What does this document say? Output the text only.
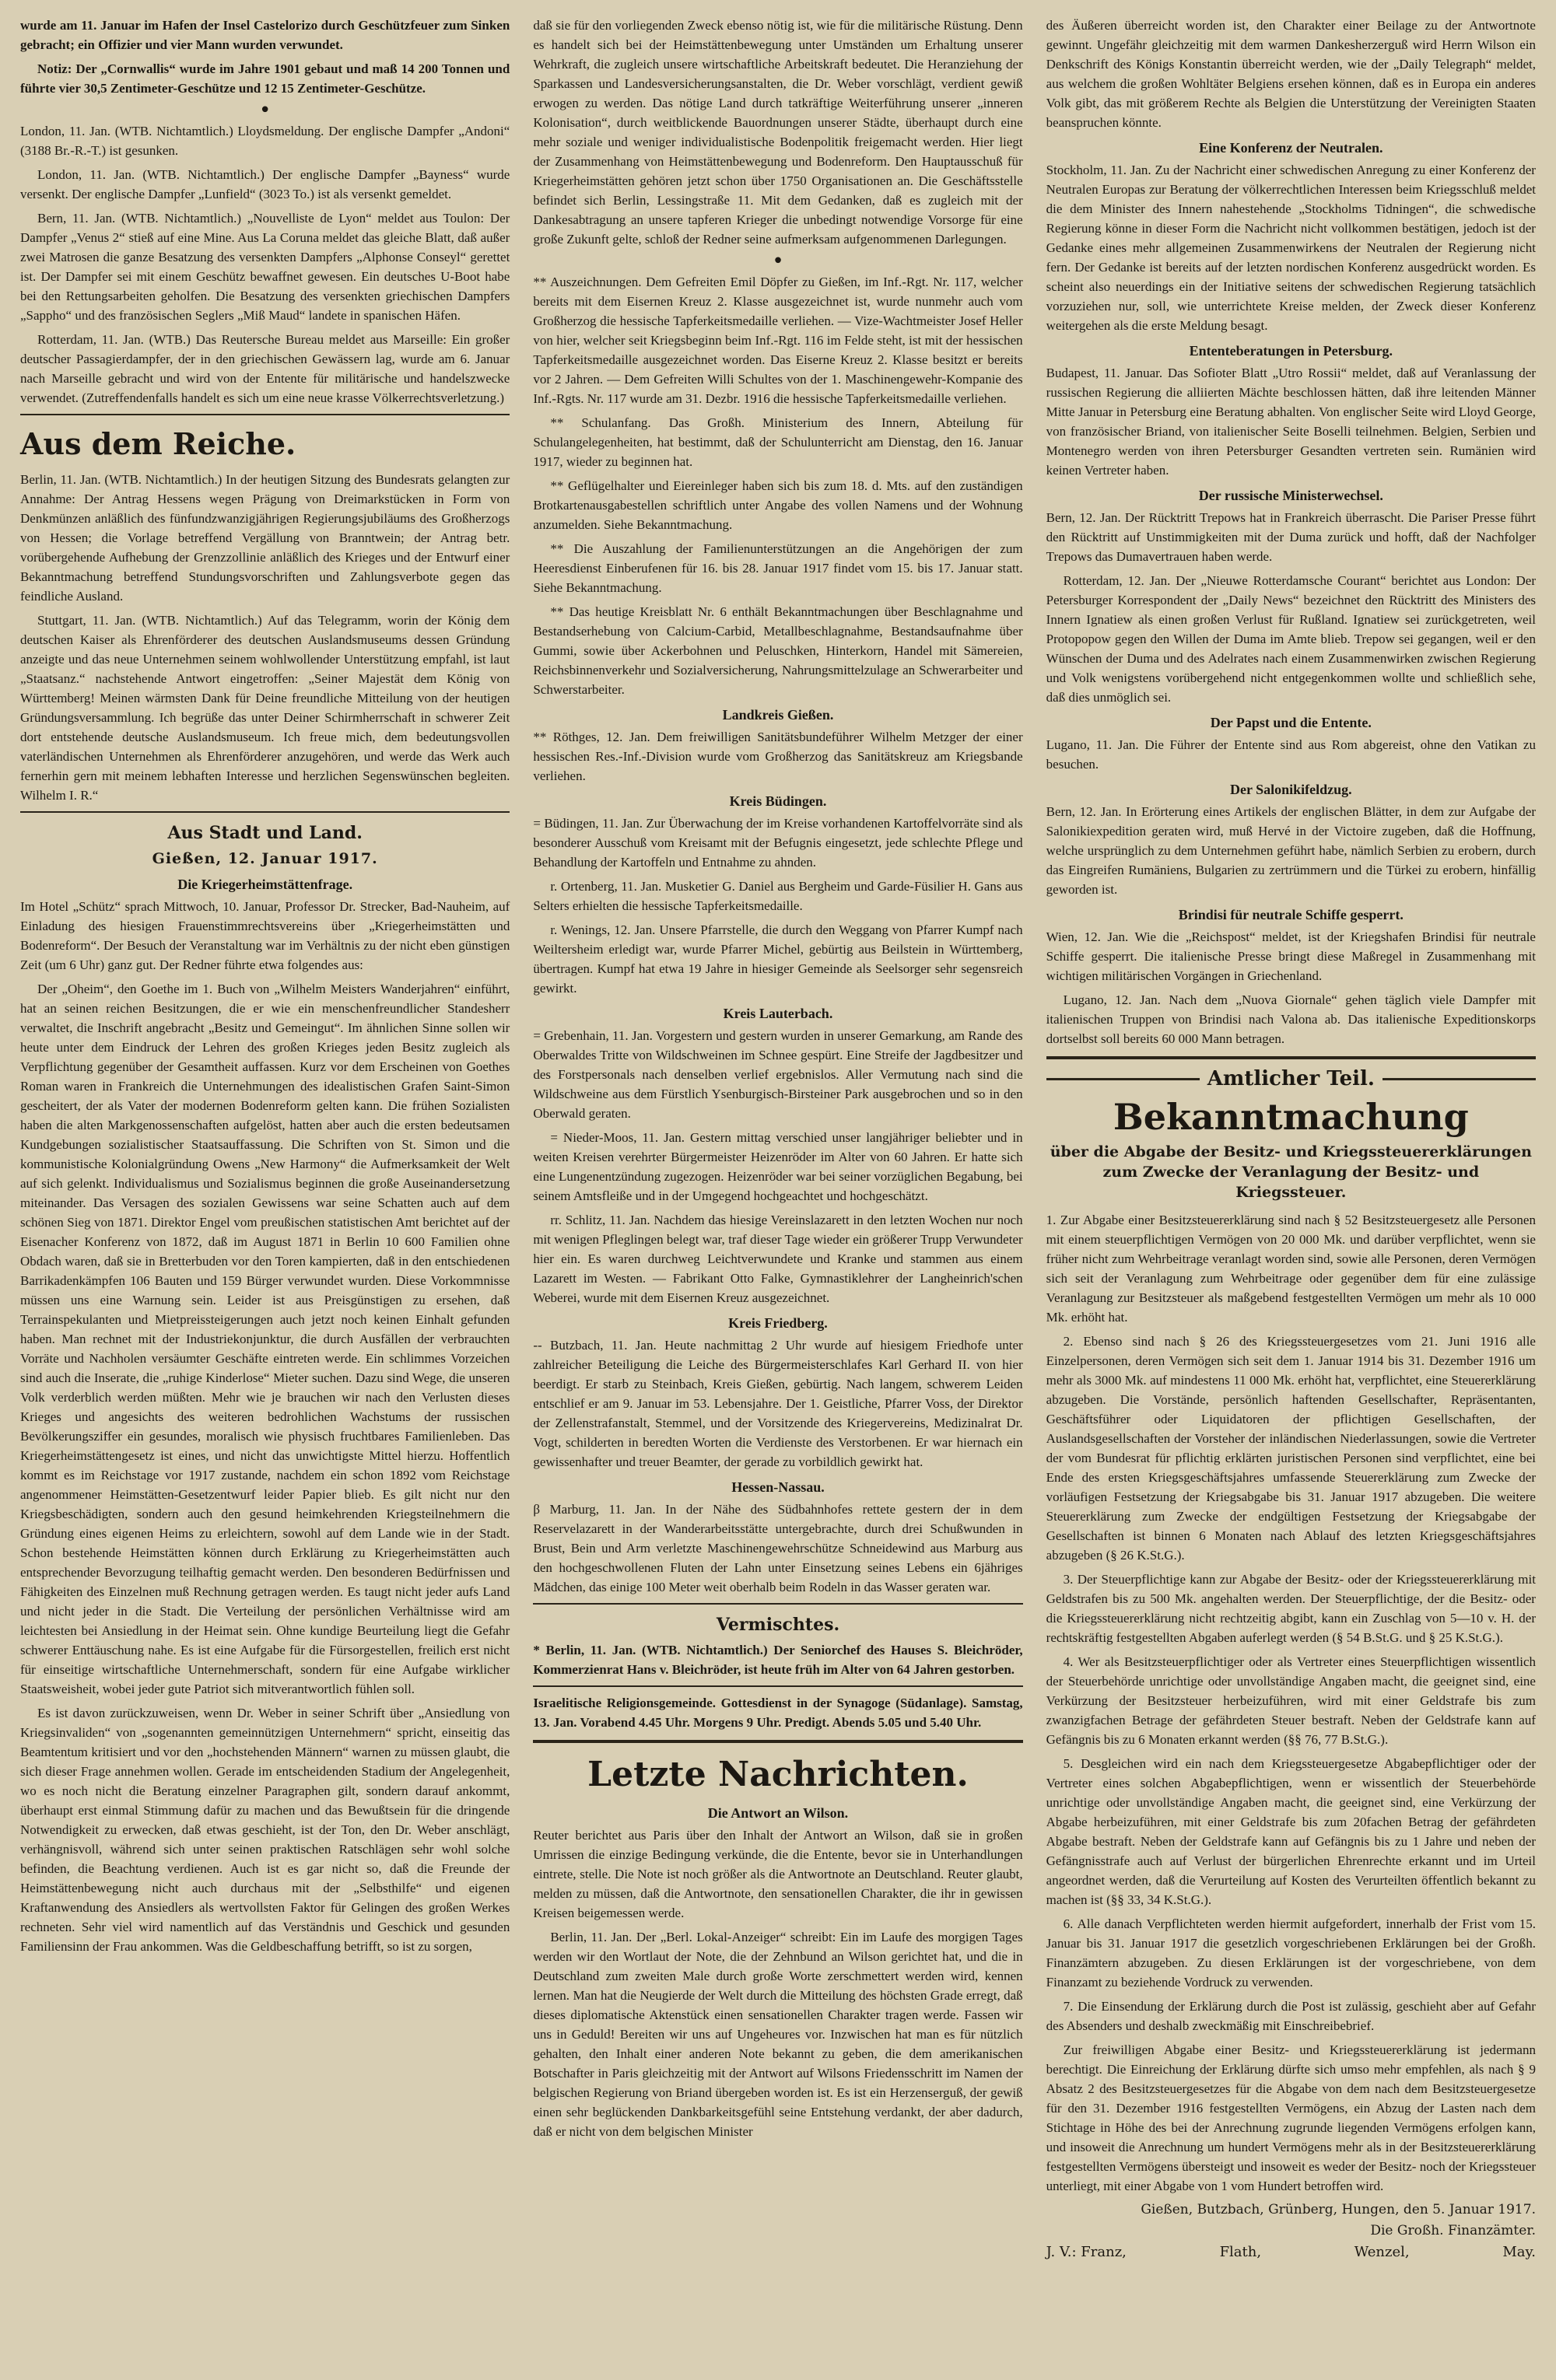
wurde am 11. Januar im Hafen der Insel Castelorizo durch Geschützfeuer zum Sinken gebracht; ein Offizier und vier Mann wurden verwundet.

Notiz: Der „Cornwallis“ wurde im Jahre 1901 gebaut und maß 14 200 Tonnen und führte vier 30,5 Zentimeter-Geschütze und 12 15 Zentimeter-Geschütze.

•

London, 11. Jan. (WTB. Nichtamtlich.) Lloydsmeldung. Der englische Dampfer „Andoni“ (3188 Br.-R.-T.) ist gesunken.

London, 11. Jan. (WTB. Nichtamtlich.) Der englische Dampfer „Bayness“ wurde versenkt. Der englische Dampfer „Lunfield“ (3023 To.) ist als versenkt gemeldet.

Bern, 11. Jan. (WTB. Nichtamtlich.) „Nouvelliste de Lyon“ meldet aus Toulon: Der Dampfer „Venus 2“ stieß auf eine Mine. Aus La Coruna meldet das gleiche Blatt, daß außer zwei Matrosen die ganze Besatzung des versenkten Dampfers „Alphonse Conseyl“ gerettet ist. Der Dampfer sei mit einem Geschütz bewaffnet gewesen. Ein deutsches U-Boot habe bei den Rettungsarbeiten geholfen. Die Besatzung des versenkten griechischen Dampfers „Sappho“ und des französischen Seglers „Miß Maud“ landete in spanischen Häfen.

Rotterdam, 11. Jan. (WTB.) Das Reutersche Bureau meldet aus Marseille: Ein großer deutscher Passagierdampfer, der in den griechischen Gewässern lag, wurde am 6. Januar nach Marseille gebracht und wird von der Entente für militärische und handelszwecke verwendet. (Zutreffendenfalls handelt es sich um eine neue krasse Völkerrechtsverletzung.)

Aus dem Reiche.

Berlin, 11. Jan. (WTB. Nichtamtlich.) In der heutigen Sitzung des Bundesrats gelangten zur Annahme: Der Antrag Hessens wegen Prägung von Dreimarkstücken in Form von Denkmünzen anläßlich des fünfundzwanzigjährigen Regierungsjubiläums des Großherzogs von Hessen; die Vorlage betreffend Vergällung von Branntwein; der Antrag betr. vorübergehende Aufhebung der Grenzzollinie anläßlich des Krieges und der Entwurf einer Bekanntmachung betreffend Stundungsvorschriften und Zahlungsverbote gegen das feindliche Ausland.

Stuttgart, 11. Jan. (WTB. Nichtamtlich.) Auf das Telegramm, worin der König dem deutschen Kaiser als Ehrenförderer des deutschen Auslandsmuseums dessen Gründung anzeigte und das neue Unternehmen seinem wohlwollender Unterstützung empfahl, ist laut „Staatsanz.“ nachstehende Antwort eingetroffen: „Seiner Majestät dem König von Württemberg! Meinen wärmsten Dank für Deine freundliche Mitteilung von der heutigen Gründungsversammlung. Ich begrüße das unter Deiner Schirmherrschaft in schwerer Zeit dort entstehende deutsche Auslandsmuseum. Ich freue mich, dem bedeutungsvollen vaterländischen Unternehmen als Ehrenförderer anzugehören, und werde das Werk auch fernerhin gern mit meinem lebhaften Interesse und herzlichen Segenswünschen begleiten. Wilhelm I. R.“

Aus Stadt und Land.
Gießen, 12. Januar 1917.
Die Kriegerheimstättenfrage.

Im Hotel „Schütz“ sprach Mittwoch, 10. Januar, Professor Dr. Strecker, Bad-Nauheim, auf Einladung des hiesigen Frauenstimmrechtsvereins über „Kriegerheimstätten und Bodenreform“. Der Besuch der Veranstaltung war im Verhältnis zu der nicht eben günstigen Zeit (um 6 Uhr) ganz gut. Der Redner führte etwa folgendes aus:

Der „Oheim“, den Goethe im 1. Buch von „Wilhelm Meisters Wanderjahren“ einführt, hat an seinen reichen Besitzungen, die er wie ein menschenfreundlicher Standesherr verwaltet, die Inschrift angebracht „Besitz und Gemeingut“. Im ähnlichen Sinne sollen wir heute unter dem Eindruck der Lehren des großen Krieges jeden Besitz zugleich als Verpflichtung gegenüber der Gesamtheit auffassen. Kurz vor dem Erscheinen von Goethes Roman waren in Frankreich die Unternehmungen des idealistischen Grafen Saint-Simon gescheitert, der als Vater der modernen Bodenreform gelten kann. Die frühen Sozialisten haben die alten Markgenossenschaften aufgelöst, hatten aber auch die ersten bedeutsamen Kundgebungen sozialistischer Staatsauffassung. Die Schriften von St. Simon und die kommunistische Kolonialgründung Owens „New Harmony“ die Aufmerksamkeit der Welt auf sich gelenkt. Individualismus und Sozialismus beginnen die große Auseinandersetzung miteinander. Das Versagen des sozialen Gewissens war seine Schatten auch auf dem schönen Sieg von 1871. Direktor Engel vom preußischen statistischen Amt berichtet auf der Eisenacher Konferenz von 1872, daß im August 1871 in Berlin 10 600 Familien ohne Obdach waren, daß sie in Bretterbuden vor den Toren kampierten, daß in den entschiedenen Barrikadenkämpfen 106 Bauten und 159 Bürger verwundet wurden. Diese Vorkommnisse müssen uns eine Warnung sein. Leider ist aus Preisgünstigen zu ersehen, daß Terrainspekulanten und Mietpreissteigerungen auch jetzt noch keinen Einhalt gefunden haben. Man rechnet mit der Industriekonjunktur, die durch Ausfällen der verbrauchten Vorräte und Nachholen versäumter Geschäfte eintreten werde. Ein schlimmes Vorzeichen sind auch die Inserate, die „ruhige Kinderlose“ Mieter suchen. Dazu sind Wege, die unseren Volk verderblich werden müßten. Mehr wie je brauchen wir nach den Verlusten dieses Krieges und angesichts des weiteren bedrohlichen Wachstums der russischen Bevölkerungsziffer ein gesundes, moralisch wie physisch fruchtbares Familienleben. Das Kriegerheimstättengesetz ist eines, und nicht das unwichtigste Mittel hierzu. Hoffentlich kommt es im Reichstage vor 1917 zustande, nachdem ein schon 1892 vom Reichstage angenommener Heimstätten-Gesetzentwurf leider Papier blieb. Es gilt nicht nur den Kriegsbeschädigten, sondern auch den gesund heimkehrenden Kriegsteilnehmern die Gründung eines eigenen Heims zu erleichtern, sowohl auf dem Lande wie in der Stadt. Schon bestehende Heimstätten können durch Erklärung zu Kriegerheimstätten auch entsprechender Bevorzugung teilhaftig gemacht werden. Den besonderen Bedürfnissen und Fähigkeiten des Einzelnen muß Rechnung getragen werden. Es taugt nicht jeder aufs Land und nicht jeder in die Stadt. Die Verteilung der persönlichen Verhältnisse wird am leichtesten bei Ansiedlung in der Heimat sein. Ohne kundige Beurteilung liegt die Gefahr schwerer Enttäuschung nahe. Es ist eine Aufgabe für die Fürsorgestellen, freilich erst nicht für einseitige wirtschaftliche Unternehmerschaft, sondern für eine Aufgabe wirklicher Staatsweisheit, wobei jeder gute Patriot sich mitverantwortlich fühlen soll.

Es ist davon zurückzuweisen, wenn Dr. Weber in seiner Schrift über „Ansiedlung von Kriegsinvaliden“ von „sogenannten gemeinnützigen Unternehmern“ spricht, einseitig das Beamtentum kritisiert und vor den „hochstehenden Männern“ warnen zu müssen glaubt, die sich dieser Frage annehmen wollen. Gerade im entscheidenden Stadium der Angelegenheit, wo es noch nicht die Beratung einzelner Paragraphen gilt, sondern darauf ankommt, überhaupt erst einmal Stimmung dafür zu machen und das Bewußtsein für die dringende Notwendigkeit zu erwecken, daß etwas geschieht, ist der Ton, den Dr. Weber anschlägt, verhängnisvoll, während sich unter seinen praktischen Ratschlägen sehr wohl solche befinden, die Beachtung verdienen. Auch ist es gar nicht so, daß die Freunde der Heimstättenbewegung nicht auch durchaus mit der „Selbsthilfe“ und eigenen Kraftanwendung des Ansiedlers als wertvollsten Faktor für Gelingen des großen Werkes rechneten. Sehr viel wird namentlich auf das Verständnis und Geschick und gesunden Familiensinn der Frau ankommen. Was die Geldbeschaffung betrifft, so ist zu sorgen,

daß sie für den vorliegenden Zweck ebenso nötig ist, wie für die militärische Rüstung. Denn es handelt sich bei der Heimstättenbewegung unter Umständen um Erhaltung unserer Wehrkraft, die zugleich unsere wirtschaftliche Arbeitskraft bedeutet. Die Heranziehung der Sparkassen und Landesversicherungsanstalten, die Dr. Weber vorschlägt, verdient gewiß erwogen zu werden. Das nötige Land durch tatkräftige Weiterführung unserer „inneren Kolonisation“, durch weitblickende Bauordnungen unserer Städte, überhaupt durch eine mehr soziale und weniger individualistische Bodenpolitik freigemacht werden. Hier liegt der Zusammenhang von Heimstättenbewegung und Bodenreform. Den Hauptausschuß für Kriegerheimstätten gehören jetzt schon über 1750 Organisationen an. Die Geschäftsstelle befindet sich Berlin, Lessingstraße 11. Mit dem Gedanken, daß es zugleich mit der Dankesabtragung an unsere tapferen Krieger die unbedingt notwendige Vorsorge für eine große Zukunft gelte, schloß der Redner seine aufmerksam aufgenommenen Darlegungen.

•

** Auszeichnungen. Dem Gefreiten Emil Döpfer zu Gießen, im Inf.-Rgt. Nr. 117, welcher bereits mit dem Eisernen Kreuz 2. Klasse ausgezeichnet ist, wurde nunmehr auch vom Großherzog die hessische Tapferkeitsmedaille verliehen. — Vize-Wachtmeister Josef Heller von hier, welcher seit Kriegsbeginn beim Inf.-Rgt. 116 im Felde steht, ist mit der hessischen Tapferkeitsmedaille ausgezeichnet worden. Das Eiserne Kreuz 2. Klasse besitzt er bereits vor 2 Jahren. — Dem Gefreiten Willi Schultes von der 1. Maschinengewehr-Kompanie des Inf.-Rgts. Nr. 117 wurde am 31. Dezbr. 1916 die hessische Tapferkeitsmedaille verliehen.

** Schulanfang. Das Großh. Ministerium des Innern, Abteilung für Schulangelegenheiten, hat bestimmt, daß der Schulunterricht am Dienstag, den 16. Januar 1917, wieder zu beginnen hat.

** Geflügelhalter und Eiereinleger haben sich bis zum 18. d. Mts. auf den zuständigen Brotkartenausgabestellen schriftlich unter Angabe des vollen Namens und der Wohnung anzumelden. Siehe Bekanntmachung.

** Die Auszahlung der Familienunterstützungen an die Angehörigen der zum Heeresdienst Einberufenen für 16. bis 28. Januar 1917 findet vom 15. bis 17. Januar statt. Siehe Bekanntmachung.

** Das heutige Kreisblatt Nr. 6 enthält Bekanntmachungen über Beschlagnahme und Bestandserhebung von Calcium-Carbid, Metallbeschlagnahme, Bestandsaufnahme über Gummi, sowie über Ackerbohnen und Peluschken, Hinterkorn, Handel mit Sämereien, Reichsbinnenverkehr und Sozialversicherung, Nahrungsmittelzulage an Schwerarbeiter und Schwerstarbeiter.

Landkreis Gießen.

** Röthges, 12. Jan. Dem freiwilligen Sanitätsbundeführer Wilhelm Metzger der einer hessischen Res.-Inf.-Division wurde vom Großherzog das Sanitätskreuz am Kriegsbande verliehen.

Kreis Büdingen.

= Büdingen, 11. Jan. Zur Überwachung der im Kreise vorhandenen Kartoffelvorräte sind als besonderer Ausschuß vom Kreisamt mit der Befugnis eingesetzt, jede schlechte Pflege und Behandlung der Kartoffeln und Entnahme zu ahnden.

r. Ortenberg, 11. Jan. Musketier G. Daniel aus Bergheim und Garde-Füsilier H. Gans aus Selters erhielten die hessische Tapferkeitsmedaille.

r. Wenings, 12. Jan. Unsere Pfarrstelle, die durch den Weggang von Pfarrer Kumpf nach Weiltersheim erledigt war, wurde Pfarrer Michel, gebürtig aus Beilstein in Württemberg, übertragen. Kumpf hat etwa 19 Jahre in hiesiger Gemeinde als Seelsorger sehr segensreich gewirkt.

Kreis Lauterbach.

= Grebenhain, 11. Jan. Vorgestern und gestern wurden in unserer Gemarkung, am Rande des Oberwaldes Tritte von Wildschweinen im Schnee gespürt. Eine Streife der Jagdbesitzer und des Forstpersonals nach denselben verlief ergebnislos. Aller Vermutung nach sind die Wildschweine aus dem Fürstlich Ysenburgisch-Birsteiner Park ausgebrochen und so in den Oberwald geraten.

= Nieder-Moos, 11. Jan. Gestern mittag verschied unser langjähriger beliebter und in weiten Kreisen verehrter Bürgermeister Heizenröder im Alter von 60 Jahren. Er hatte sich eine Lungenentzündung zugezogen. Heizenröder war bei seiner vorzüglichen Begabung, bei seinem Amtsfleiße und in der Umgegend hochgeachtet und hochgeschätzt.

rr. Schlitz, 11. Jan. Nachdem das hiesige Vereinslazarett in den letzten Wochen nur noch mit wenigen Pfleglingen belegt war, traf dieser Tage wieder ein größerer Trupp Verwundeter hier ein. Es waren durchweg Leichtverwundete und Kranke und stammen aus einem Lazarett im Westen. — Fabrikant Otto Falke, Gymnastiklehrer der Langheinrich'schen Weberei, wurde mit dem Eisernen Kreuz ausgezeichnet.

Kreis Friedberg.

-- Butzbach, 11. Jan. Heute nachmittag 2 Uhr wurde auf hiesigem Friedhofe unter zahlreicher Beteiligung die Leiche des Bürgermeisterschlafes Karl Gerhard II. von hier beerdigt. Er starb zu Steinbach, Kreis Gießen, gebürtig. Nach langem, schwerem Leiden entschlief er am 9. Januar im 53. Lebensjahre. Der 1. Geistliche, Pfarrer Voss, der Direktor der Zellenstrafanstalt, Stemmel, und der Vorsitzende des Kriegervereins, Medizinalrat Dr. Vogt, schilderten in beredten Worten die Verdienste des Verstorbenen. Er war hiernach ein gewissenhafter und treuer Beamter, der gerade zu vorbildlich gewirkt hat.

Hessen-Nassau.

β Marburg, 11. Jan. In der Nähe des Südbahnhofes rettete gestern der in dem Reservelazarett in der Wanderarbeitsstätte untergebrachte, durch drei Schußwunden in Brust, Bein und Arm verletzte Maschinengewehrschütze Schneidewind aus Marburg aus den hochgeschwollenen Fluten der Lahn unter Einsetzung seines Lebens ein 6jähriges Mädchen, das einige 100 Meter weit oberhalb beim Rodeln in das Wasser geraten war.

Vermischtes.

* Berlin, 11. Jan. (WTB. Nichtamtlich.) Der Seniorchef des Hauses S. Bleichröder, Kommerzienrat Hans v. Bleichröder, ist heute früh im Alter von 64 Jahren gestorben.

Israelitische Religionsgemeinde. Gottesdienst in der Synagoge (Südanlage). Samstag, 13. Jan. Vorabend 4.45 Uhr. Morgens 9 Uhr. Predigt. Abends 5.05 und 5.40 Uhr.

Letzte Nachrichten.
Die Antwort an Wilson.

Reuter berichtet aus Paris über den Inhalt der Antwort an Wilson, daß sie in großen Umrissen die einzige Bedingung verkünde, die die Entente, bevor sie in Unterhandlungen eintrete, stelle. Die Note ist noch größer als die Antwortnote an Deutschland. Reuter glaubt, melden zu müssen, daß die Antwortnote, den sensationellen Charakter, die ihr in gewissen Kreisen beigemessen werde.

Berlin, 11. Jan. Der „Berl. Lokal-Anzeiger“ schreibt: Ein im Laufe des morgigen Tages werden wir den Wortlaut der Note, die der Zehnbund an Wilson gerichtet hat, und die in Deutschland zum zweiten Male durch große Worte zerschmettert werden wird, kennen lernen. Man hat die Neugierde der Welt durch die Mitteilung des höchsten Grade erregt, daß dieses diplomatische Aktenstück einen sensationellen Charakter tragen werde. Fassen wir uns in Geduld! Bereiten wir uns auf Ungeheures vor. Inzwischen hat man es für nützlich gehalten, den Inhalt einer anderen Note bekannt zu geben, die dem amerikanischen Botschafter in Paris gleichzeitig mit der Antwort auf Wilsons Friedensschritt im Namen der belgischen Regierung von Briand übergeben worden ist. Es ist ein Herzenserguß, der gewiß einen sehr beglückenden Dankbarkeitsgefühl seine Entstehung verdankt, der aber dadurch, daß er nicht von dem belgischen Minister

des Äußeren überreicht worden ist, den Charakter einer Beilage zu der Antwortnote gewinnt. Ungefähr gleichzeitig mit dem warmen Dankesherzerguß wird Herrn Wilson ein Denkschrift des Königs Konstantin überreicht werden, wie der „Daily Telegraph“ meldet, aus welchem die großen Wohltäter Belgiens ersehen können, daß es in Europa ein anderes Volk gibt, das mit größerem Rechte als Belgien die Unterstützung der Vereinigten Staaten beanspruchen könnte.

Eine Konferenz der Neutralen.

Stockholm, 11. Jan. Zu der Nachricht einer schwedischen Anregung zu einer Konferenz der Neutralen Europas zur Beratung der völkerrechtlichen Interessen beim Kriegsschluß meldet die dem Minister des Innern nahestehende „Stockholms Tidningen“, die schwedische Regierung könne in dieser Form die Nachricht nicht vollkommen bestätigen, jedoch ist der Gedanke eines mehr allgemeinen Zusammenwirkens der Neutralen der Regierung nicht fern. Der Gedanke ist bereits auf der letzten nordischen Konferenz ausgedrückt worden. Es scheint also neuerdings ein der Initiative seitens der schwedischen Regierung tatsächlich vorzuziehen nur, soll, wie unterrichtete Kreise melden, der Zweck dieser Konferenz weitergehen als die erste Meldung besagt.

Ententeberatungen in Petersburg.

Budapest, 11. Januar. Das Sofioter Blatt „Utro Rossii“ meldet, daß auf Veranlassung der russischen Regierung die alliierten Mächte beschlossen hätten, daß ihre leitenden Männer Mitte Januar in Petersburg eine Beratung abhalten. Von englischer Seite wird Lloyd George, von französischer Briand, von italienischer Seite Boselli teilnehmen. Belgien, Serbien und Montenegro werden von ihren Petersburger Gesandten vertreten sein. Rumänien wird keinen Vertreter haben.

Der russische Ministerwechsel.

Bern, 12. Jan. Der Rücktritt Trepows hat in Frankreich überrascht. Die Pariser Presse führt den Rücktritt auf Unstimmigkeiten mit der Duma zurück und hofft, daß der Nachfolger Trepows das Dumavertrauen haben werde.

Rotterdam, 12. Jan. Der „Nieuwe Rotterdamsche Courant“ berichtet aus London: Der Petersburger Korrespondent der „Daily News“ bezeichnet den Rücktritt des Ministers des Innern Ignatiew als einen großen Verlust für Rußland. Ignatiew sei zurückgetreten, weil Protopopow gegen den Willen der Duma im Amte blieb. Trepow sei gegangen, weil er den Wünschen der Duma und des Adelrates nach einem Zusammenwirken zwischen Regierung und Volk wenigstens vorübergehend nicht entgegenkommen wollte und schließlich sehe, daß dies unmöglich sei.

Der Papst und die Entente.

Lugano, 11. Jan. Die Führer der Entente sind aus Rom abgereist, ohne den Vatikan zu besuchen.

Der Salonikifeldzug.

Bern, 12. Jan. In Erörterung eines Artikels der englischen Blätter, in dem zur Aufgabe der Salonikiexpedition geraten wird, muß Hervé in der Victoire zugeben, daß die Hoffnung, welche ursprünglich zu dem Unternehmen geführt habe, nämlich Serbien zu erobern, durch das Eingreifen Rumäniens, Bulgarien zu zertrümmern und die Türkei zu erobern, hinfällig geworden ist.

Brindisi für neutrale Schiffe gesperrt.

Wien, 12. Jan. Wie die „Reichspost“ meldet, ist der Kriegshafen Brindisi für neutrale Schiffe gesperrt. Die italienische Presse bringt diese Maßregel in Zusammenhang mit wichtigen militärischen Vorgängen in Griechenland.

Lugano, 12. Jan. Nach dem „Nuova Giornale“ gehen täglich viele Dampfer mit italienischen Truppen von Brindisi nach Valona ab. Das italienische Expeditionskorps dortselbst soll bereits 60 000 Mann betragen.

Amtlicher Teil.
Bekanntmachung
über die Abgabe der Besitz- und Kriegssteuererklärungen zum Zwecke der Veranlagung der Besitz- und Kriegssteuer.

1. Zur Abgabe einer Besitzsteuererklärung sind nach § 52 Besitzsteuergesetz alle Personen mit einem steuerpflichtigen Vermögen von 20 000 Mk. und darüber verpflichtet, wenn sie früher nicht zum Wehrbeitrage veranlagt worden sind, sowie alle Personen, deren Vermögen sich seit der Veranlagung zum Wehrbeitrage oder gegenüber dem für eine zulässige Veranlagung zur Besitzsteuer als maßgebend festgestellten Vermögen um mehr als 10 000 Mk. erhöht hat.

2. Ebenso sind nach § 26 des Kriegssteuergesetzes vom 21. Juni 1916 alle Einzelpersonen, deren Vermögen sich seit dem 1. Januar 1914 bis 31. Dezember 1916 um mehr als 3000 Mk. auf mindestens 11 000 Mk. erhöht hat, verpflichtet, eine Steuererklärung abzugeben. Die Vorstände, persönlich haftenden Gesellschafter, Repräsentanten, Geschäftsführer oder Liquidatoren der pflichtigen Gesellschaften, der Auslandsgesellschaften der Vorsteher der inländischen Niederlassungen, sowie die Vertreter der vom Bundesrat für pflichtig erklärten juristischen Personen sind verpflichtet, eine bei Ende des ersten Kriegsgeschäftsjahres umfassende Steuererklärung zum Zwecke der vorläufigen Festsetzung der Kriegsabgabe bis 31. Januar 1917 abzugeben. Die weitere Steuererklärung zum Zwecke der endgültigen Festsetzung der Kriegsabgabe der Gesellschaften ist binnen 6 Monaten nach Ablauf des letzten Kriegsgeschäftsjahres abzugeben (§ 26 K.St.G.).

3. Der Steuerpflichtige kann zur Abgabe der Besitz- oder der Kriegssteuererklärung mit Geldstrafen bis zu 500 Mk. angehalten werden. Der Steuerpflichtige, der die Besitz- oder die Kriegssteuererklärung nicht rechtzeitig abgibt, kann ein Zuschlag von 5—10 v. H. der rechtskräftig festgestellten Abgaben auferlegt werden (§ 54 B.St.G. und § 25 K.St.G.).

4. Wer als Besitzsteuerpflichtiger oder als Vertreter eines Steuerpflichtigen wissentlich der Steuerbehörde unrichtige oder unvollständige Angaben macht, die geeignet sind, eine Verkürzung der Besitzsteuer herbeizuführen, wird mit einer Geldstrafe bis zum zwanzigfachen Betrage der gefährdeten Steuer bestraft. Neben der Geldstrafe kann auf Gefängnis bis zu 6 Monaten erkannt werden (§§ 76, 77 B.St.G.).

5. Desgleichen wird ein nach dem Kriegssteuergesetze Abgabepflichtiger oder der Vertreter eines solchen Abgabepflichtigen, wenn er wissentlich der Steuerbehörde unrichtige oder unvollständige Angaben macht, die geeignet sind, eine Verkürzung der Abgabe herbeizuführen, mit einer Geldstrafe bis zum 20fachen Betrag der gefährdeten Abgabe bestraft. Neben der Geldstrafe kann auf Gefängnis bis zu 1 Jahre und neben der Gefängnisstrafe auch auf Verlust der bürgerlichen Ehrenrechte erkannt und im Urteil angeordnet werden, daß die Verurteilung auf Kosten des Verurteilten öffentlich bekannt zu machen ist (§§ 33, 34 K.St.G.).

6. Alle danach Verpflichteten werden hiermit aufgefordert, innerhalb der Frist vom 15. Januar bis 31. Januar 1917 die gesetzlich vorgeschriebenen Erklärungen bei der Großh. Finanzämtern abzugeben. Zu diesen Erklärungen ist der vorgeschriebene, von dem Finanzamt zu beziehende Vordruck zu verwenden.

7. Die Einsendung der Erklärung durch die Post ist zulässig, geschieht aber auf Gefahr des Absenders und deshalb zweckmäßig mit Einschreibebrief.

Zur freiwilligen Abgabe einer Besitz- und Kriegssteuererklärung ist jedermann berechtigt. Die Einreichung der Erklärung dürfte sich umso mehr empfehlen, als nach § 9 Absatz 2 des Besitzsteuergesetzes für die Abgabe von dem nach dem Besitzsteuergesetze für den 31. Dezember 1916 festgestellten Vermögens, ein Abzug der Lasten nach dem Stichtage in Höhe des bei der Anrechnung zugrunde liegenden Vermögens erfolgen kann, und insoweit die Anrechnung um hundert Vermögens mehr als in der Besitzsteuererklärung festgestellten Vermögens übersteigt und insoweit es weder der Besitz- noch der Kriegssteuer unterliegt, mit einer Abgabe von 1 vom Hundert betroffen wird.

Gießen, Butzbach, Grünberg, Hungen, den 5. Januar 1917.
Die Großh. Finanzämter.
J. V.: Franz,	Flath,	Wenzel,	May.
